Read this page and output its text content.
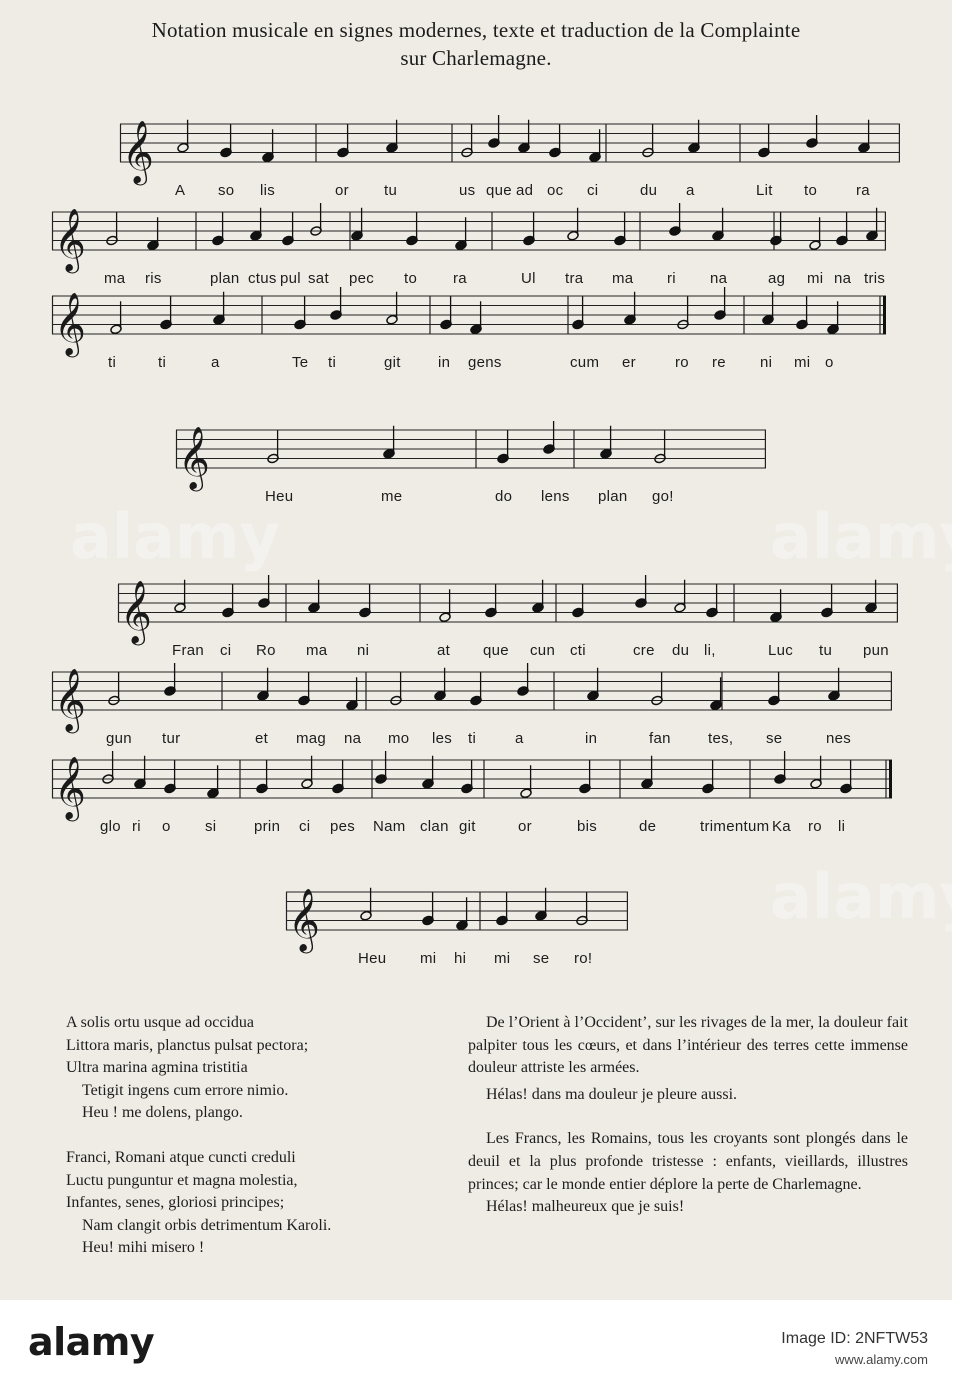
Notation musicale en signes modernes, texte et traduction de la Complainte
sur Charlemagne.
𝄞
A so lis	or tu	us que ad oc ci	du a	Lit to	ra
𝄞
ma ris	plan ctus pul sat pec to ra	Ul tra ma ri na	ag mi na tris
𝄞
ti	ti	a	Te ti	git in gens	cum er	ro re ni mi o
𝄞
Heu	me	do lens plan go!
𝄞
Fran ci Ro ma ni	at que cun cti	cre du li,	Luc tu pun
𝄞
gun tur	et mag na mo les ti	a	in	fan tes, se	nes
𝄞
glo ri o si	prin ci pes Nam clan git	or	bis	de	trimentum Ka ro li
𝄞
Heu mi hi mi se ro!
A solis ortu usque ad occidua
Littora maris, planctus pulsat pectora;
Ultra marina agmina tristitia
Tetigit ingens cum errore nimio.
Heu ! me dolens, plango.
Franci, Romani atque cuncti creduli
Luctu punguntur et magna molestia,
Infantes, senes, gloriosi principes;
Nam clangit orbis detrimentum Karoli.
Heu! mihi misero !

De l’Orient à l’Occident’, sur les rivages de la mer, la douleur fait palpiter tous les cœurs, et dans l’intérieur des terres cette immense douleur attriste les armées.

Hélas! dans ma douleur je pleure aussi.

Les Francs, les Romains, tous les croyants sont plongés dans le deuil et la plus profonde tristesse : enfants, vieillards, illustres princes; car le monde entier déplore la perte de Charlemagne.

Hélas! malheureux que je suis!

alamy	alamy
alamy
alamy	Image ID: 2NFTW53
www.alamy.com
